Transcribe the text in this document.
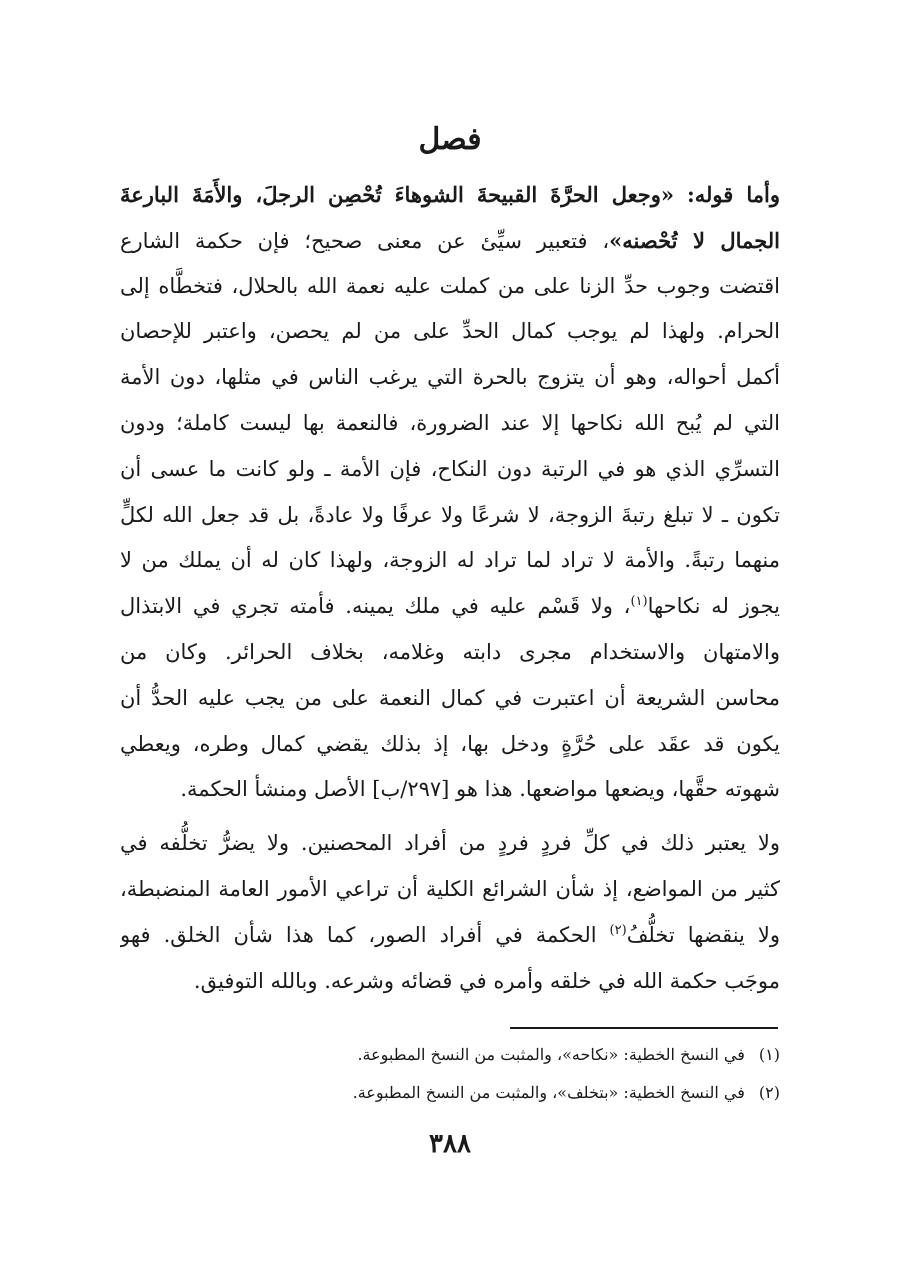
فصل
وأما قوله: «وجعل الحرَّةَ القبيحةَ الشوهاءَ تُحْصِن الرجلَ، والأَمَةَ البارعةَ
الجمال لا تُحْصنه»، فتعبير سيِّئ عن معنى صحيح؛ فإن حكمة الشارع
اقتضت وجوب حدِّ الزنا على من كملت عليه نعمة الله بالحلال، فتخطَّاه إلى
الحرام. ولهذا لم يوجب كمال الحدِّ على من لم يحصن، واعتبر للإحصان
أكمل أحواله، وهو أن يتزوج بالحرة التي يرغب الناس في مثلها، دون الأمة
التي لم يُبح الله نكاحها إلا عند الضرورة، فالنعمة بها ليست كاملة؛ ودون
التسرِّي الذي هو في الرتبة دون النكاح، فإن الأمة ـ ولو كانت ما عسى أن
تكون ـ لا تبلغ رتبةَ الزوجة، لا شرعًا ولا عرفًا ولا عادةً، بل قد جعل الله لكلٍّ
منهما رتبةً. والأمة لا تراد لما تراد له الزوجة، ولهذا كان له أن يملك من لا
يجوز له نكاحها$^{(١)}$، ولا قَسْم عليه في ملك يمينه. فأمته تجري في الابتذال
والامتهان والاستخدام مجرى دابته وغلامه، بخلاف الحرائر. وكان من
محاسن الشريعة أن اعتبرت في كمال النعمة على من يجب عليه الحدُّ أن
يكون قد عقَد على حُرَّةٍ ودخل بها، إذ بذلك يقضي كمال وطره، ويعطي
شهوته حقَّها، ويضعها مواضعها. هذا هو [٢٩٧/ب] الأصل ومنشأ الحكمة.
ولا يعتبر ذلك في كلِّ فردٍ فردٍ من أفراد المحصنين. ولا يضرُّ تخلُّفه في
كثير من المواضع، إذ شأن الشرائع الكلية أن تراعي الأمور العامة المنضبطة،
ولا ينقضها تخلُّفُ$^{(٢)}$ الحكمة في أفراد الصور، كما هذا شأن الخلق. فهو
موجَب حكمة الله في خلقه وأمره في قضائه وشرعه. وبالله التوفيق.
(١)في النسخ الخطية: «نكاحه»، والمثبت من النسخ المطبوعة.
(٢)في النسخ الخطية: «بتخلف»، والمثبت من النسخ المطبوعة.
٣٨٨
